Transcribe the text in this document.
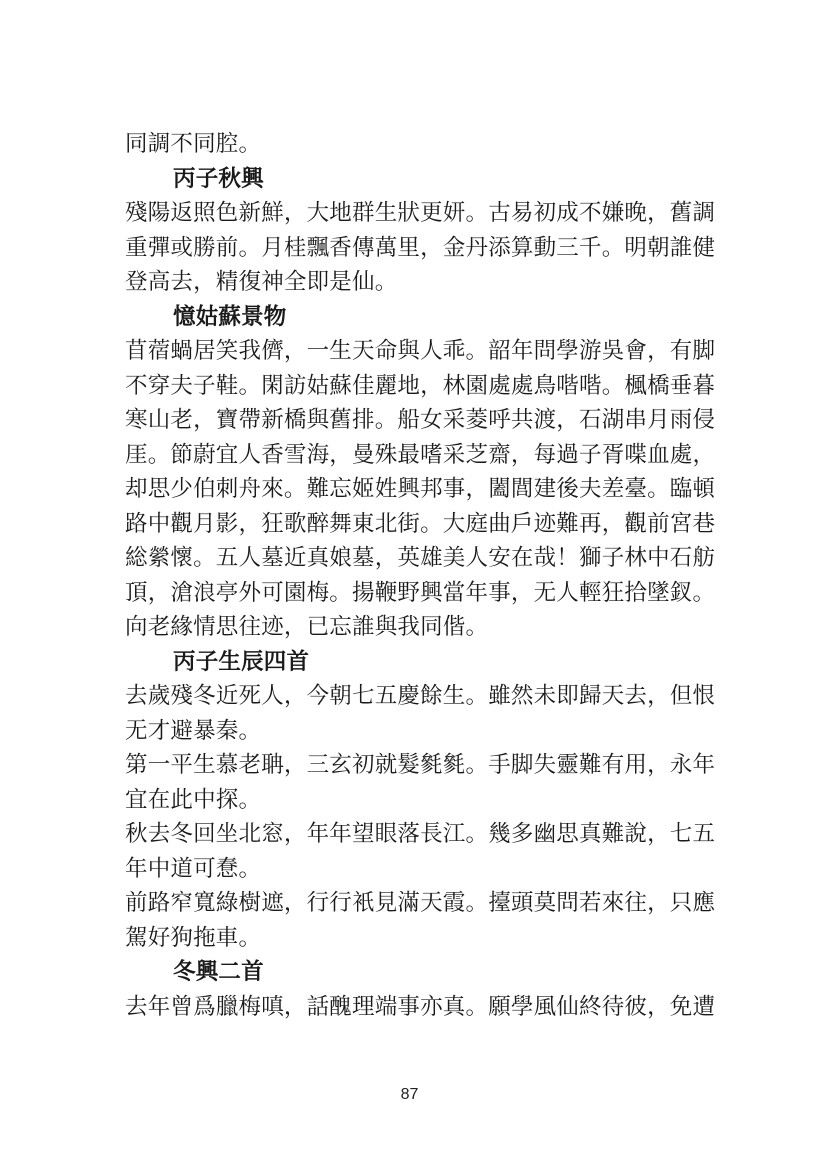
同調不同腔。
丙子秋興
殘陽返照色新鮮，大地群生狀更妍。古易初成不嫌晚，舊調
重彈或勝前。月桂飄香傳萬里，金丹添算動三千。明朝誰健
登高去，精復神全即是仙。
憶姑蘇景物
苜蓿蝸居笑我儕，一生天命與人乖。韶年問學游吳會，有脚
不穿夫子鞋。閑訪姑蘇佳麗地，林園處處鳥喈喈。楓橋垂暮
寒山老，寶帶新橋與舊排。船女采菱呼共渡，石湖串月雨侵
厓。節蔚宜人香雪海，曼殊最嗜采芝齋，每過子胥喋血處，
却思少伯刺舟來。難忘姬姓興邦事，闔閭建後夫差臺。臨頓
路中觀月影，狂歌醉舞東北街。大庭曲戶迹難再，觀前宮巷
総縈懷。五人墓近真娘墓，英雄美人安在哉！獅子林中石舫
頂，滄浪亭外可園梅。揚鞭野興當年事，无人輕狂拾墜釵。
向老緣情思往迹，已忘誰與我同偕。
丙子生辰四首
去歲殘冬近死人，今朝七五慶餘生。雖然未即歸天去，但恨
无才避暴秦。
第一平生慕老聃，三玄初就髮毿毿。手脚失靈難有用，永年
宜在此中探。
秋去冬回坐北窓，年年望眼落長江。幾多幽思真難說，七五
年中道可惷。
前路窄寬綠樹遮，行行衹見滿天霞。擡頭莫問若來往，只應
駕好狗拖車。
冬興二首
去年曾爲臘梅嗔，話醜理端事亦真。願學風仙終待彼，免遭
87
